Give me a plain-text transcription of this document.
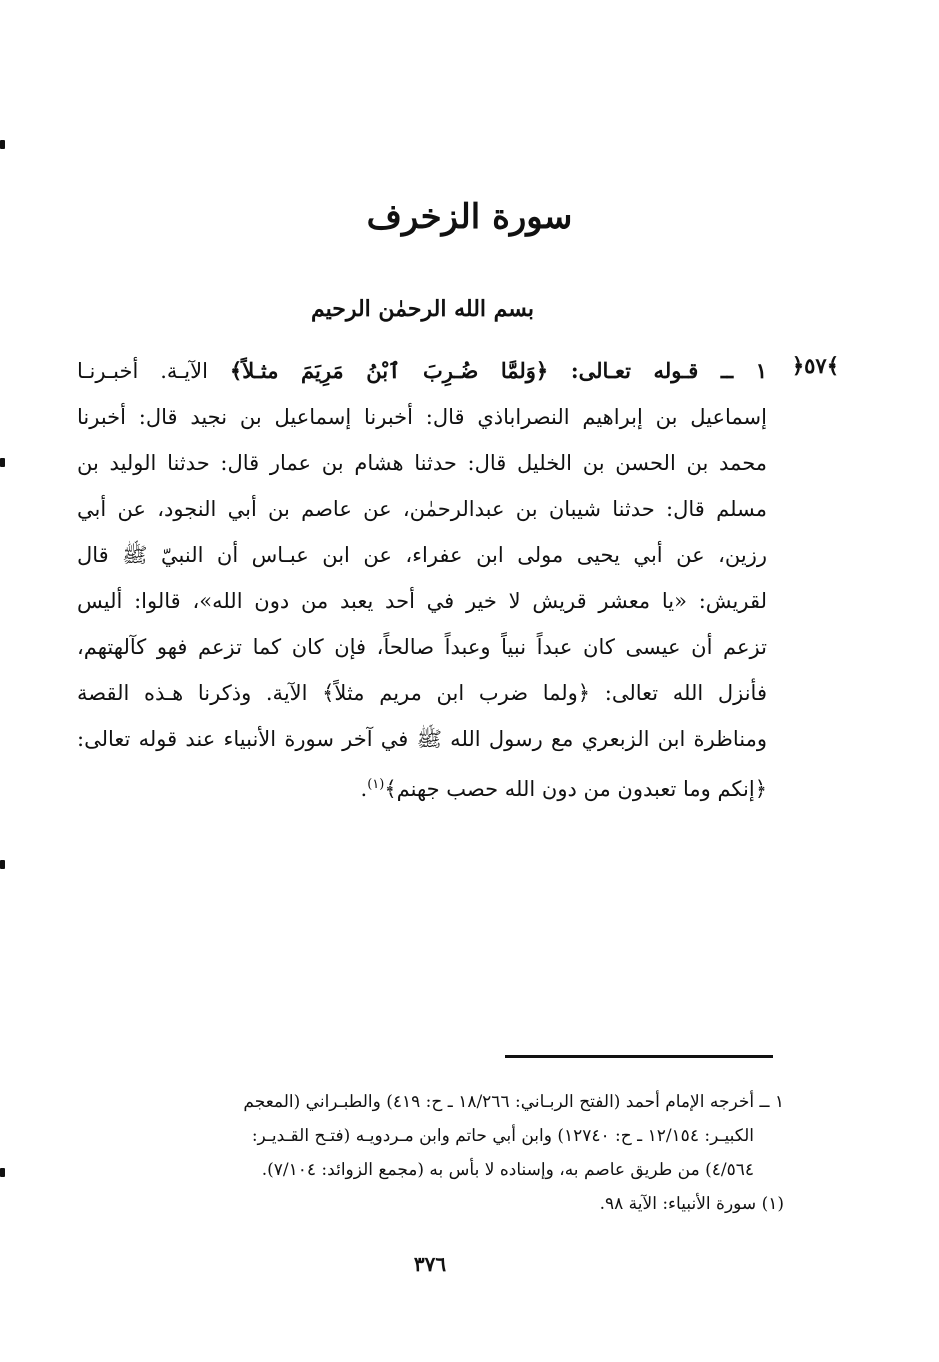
سورة الزخرف
بسم الله الرحمٰن الرحيم
﴿٥٧﴾
١ ــ قـوله تعـالى: ﴿وَلمَّا ضُـرِبَ ٱبْنُ مَرِيَمَ مثـلاً﴾ الآيـة. أخبـرنـا
إسماعيل بن إبراهيم النصراباذي قال: أخبرنا إسماعيل بن نجيد قال: أخبرنا
محمد بن الحسن بن الخليل قال: حدثنا هشام بن عمار قال: حدثنا الوليد بن
مسلم قال: حدثنا شيبان بن عبدالرحمٰن، عن عاصم بن أبي النجود، عن أبي
رزين، عن أبي يحيى مولى ابن عفراء، عن ابن عبـاس أن النبيّ ﷺ قال
لقريش: «يا معشر قريش لا خير في أحد يعبد من دون الله»، قالوا: أليس
تزعم أن عيسى كان عبداً نبياً وعبداً صالحاً، فإن كان كما تزعم فهو كآلهتهم،
فأنزل الله تعالى: ﴿ولما ضرب ابن مريم مثلاً﴾ الآية. وذكرنا هـذه القصة
ومناظرة ابن الزبعري مع رسول الله ﷺ في آخر سورة الأنبياء عند قوله تعالى:
﴿إنكم وما تعبدون من دون الله حصب جهنم﴾$^{(١)}$.
١ ــ أخرجه الإمام أحمد (الفتح الربـاني: ١٨/٢٦٦ ـ ح: ٤١٩) والطبـراني (المعجم
الكبيـر: ١٢/١٥٤ ـ ح: ١٢٧٤٠) وابن أبي حاتم وابن مـردويـه (فتـح القـديـر:
٤/٥٦٤) من طريق عاصم به، وإسناده لا بأس به (مجمع الزوائد: ٧/١٠٤).
(١) سورة الأنبياء: الآية ٩٨.
٣٧٦
